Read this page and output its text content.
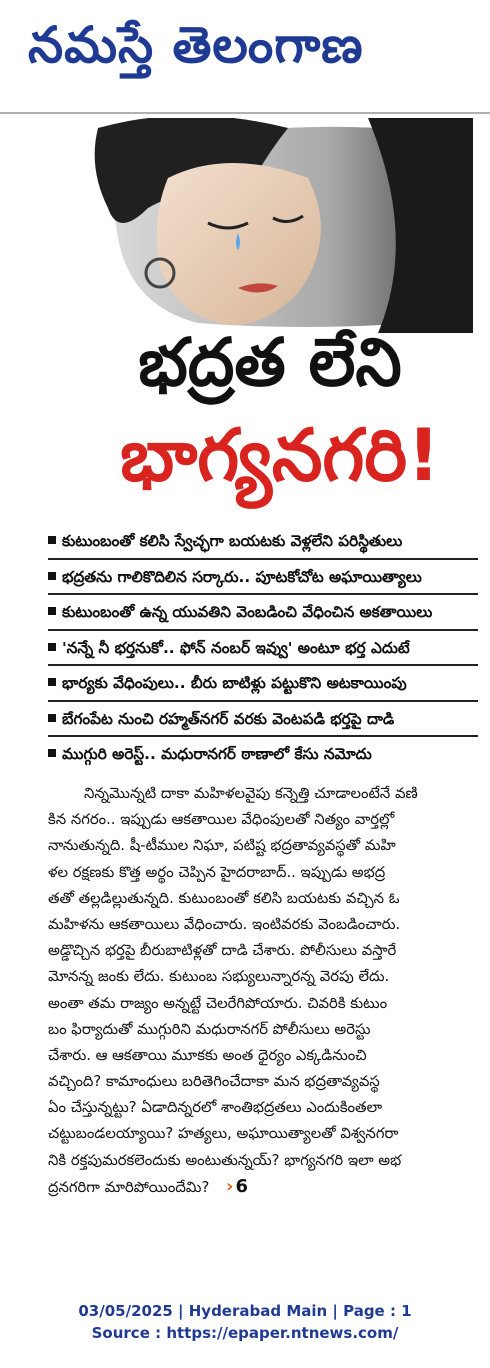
నమస్తే తెలంగాణ
భద్రత లేని
భాగ్యనగరి!
కుటుంబంతో కలిసి స్వేచ్ఛగా బయటకు వెళ్లలేని పరిస్థితులు
భద్రతను గాలికొదిలిన సర్కారు.. పూటకోచోట అఘాయిత్యాలు
కుటుంబంతో ఉన్న యువతిని వెంబడించి వేధించిన అకతాయిలు
'నన్నే నీ భర్తనుకో.. ఫోన్ నంబర్ ఇవ్వు' అంటూ భర్త ఎదుటే
భార్యకు వేధింపులు.. బీరు బాటిళ్లు పట్టుకొని అటకాయింపు
బేగంపేట నుంచి రహ్మత్‌నగర్ వరకు వెంటపడి భర్తపై దాడి
ముగ్గురి అరెస్ట్.. మధురానగర్ ఠాణాలో కేసు నమోదు
నిన్నమొన్నటి దాకా మహిళలవైపు కన్నెత్తి చూడాలంటేనే వణి
కిన నగరం.. ఇప్పుడు ఆకతాయిల వేధింపులతో నిత్యం వార్తల్లో
నానుతున్నది. షీ-టీముల నిఘా, పటిష్ట భద్రతావ్యవస్థతో మహి
ళల రక్షణకు కొత్త అర్థం చెప్పిన హైదరాబాద్.. ఇప్పుడు అభద్ర
తతో తల్లడిల్లుతున్నది. కుటుంబంతో కలిసి బయటకు వచ్చిన ఓ
మహిళను ఆకతాయిలు వేధించారు. ఇంటివరకు వెంబడించారు.
అడ్డొచ్చిన భర్తపై బీరుబాటిళ్లతో దాడి చేశారు. పోలీసులు వస్తారే
మోనన్న జంకు లేదు. కుటుంబ సభ్యులున్నారన్న వెరపు లేదు.
అంతా తమ రాజ్యం అన్నట్టే చెలరేగిపోయారు. చివరికి కుటుం
బం ఫిర్యాదుతో ముగ్గురిని మధురానగర్ పోలీసులు అరెస్టు
చేశారు. ఆ ఆకతాయి మూకకు అంత ధైర్యం ఎక్కడినుంచి
వచ్చింది? కామాంధులు బరితెగించేదాకా మన భద్రతావ్యవస్థ
ఏం చేస్తున్నట్టు? ఏడాదిన్నరలో శాంతిభద్రతలు ఎందుకింతలా
చట్టుబండలయ్యాయి? హత్యలు, అఘాయిత్యాలతో విశ్వనగరా
నికి రక్తపుమరకలెందుకు అంటుతున్నయ్? భాగ్యనగరి ఇలా అభ
ద్రనగరిగా మారిపోయిందేమి? › 6
03/05/2025 | Hyderabad Main | Page : 1
Source : https://epaper.ntnews.com/
